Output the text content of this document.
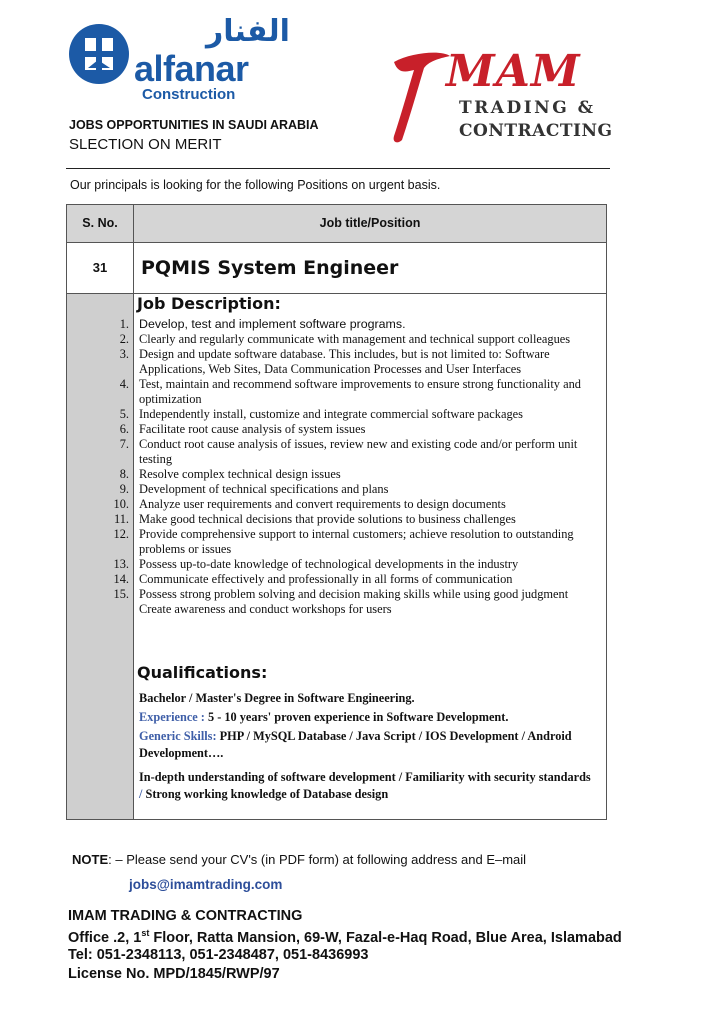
الفنار
alfanar
Construction	MAM
TRADING &
CONTRACTING
JOBS OPPORTUNITIES IN SAUDI ARABIA
SLECTION ON MERIT
Our principals is looking for the following Positions on urgent basis.
S. No.	Job title/Position
31	PQMIS System Engineer
Job Description:
1. Develop, test and implement software programs.
2. Clearly and regularly communicate with management and technical support colleagues
3. Design and update software database. This includes, but is not limited to: Software Applications, Web Sites, Data Communication Processes and User Interfaces
4. Test, maintain and recommend software improvements to ensure strong functionality and optimization
5. Independently install, customize and integrate commercial software packages
6. Facilitate root cause analysis of system issues
7. Conduct root cause analysis of issues, review new and existing code and/or perform unit testing
8. Resolve complex technical design issues
9. Development of technical specifications and plans
10. Analyze user requirements and convert requirements to design documents
11. Make good technical decisions that provide solutions to business challenges
12. Provide comprehensive support to internal customers; achieve resolution to outstanding problems or issues
13. Possess up-to-date knowledge of technological developments in the industry
14. Communicate effectively and professionally in all forms of communication
15. Possess strong problem solving and decision making skills while using good judgment
Create awareness and conduct workshops for users
Qualifications:
Bachelor / Master's Degree in Software Engineering.
Experience : 5 - 10 years' proven experience in Software Development.
Generic Skills: PHP / MySQL Database / Java Script / IOS Development / Android Development….
In-depth understanding of software development / Familiarity with security standards / Strong working knowledge of Database design
NOTE: – Please send your CV's (in PDF form) at following address and E–mail
jobs@imamtrading.com
IMAM TRADING & CONTRACTING
Office .2, 1st Floor, Ratta Mansion, 69-W, Fazal-e-Haq Road, Blue Area, Islamabad
Tel: 051-2348113, 051-2348487, 051-8436993
License No. MPD/1845/RWP/97
